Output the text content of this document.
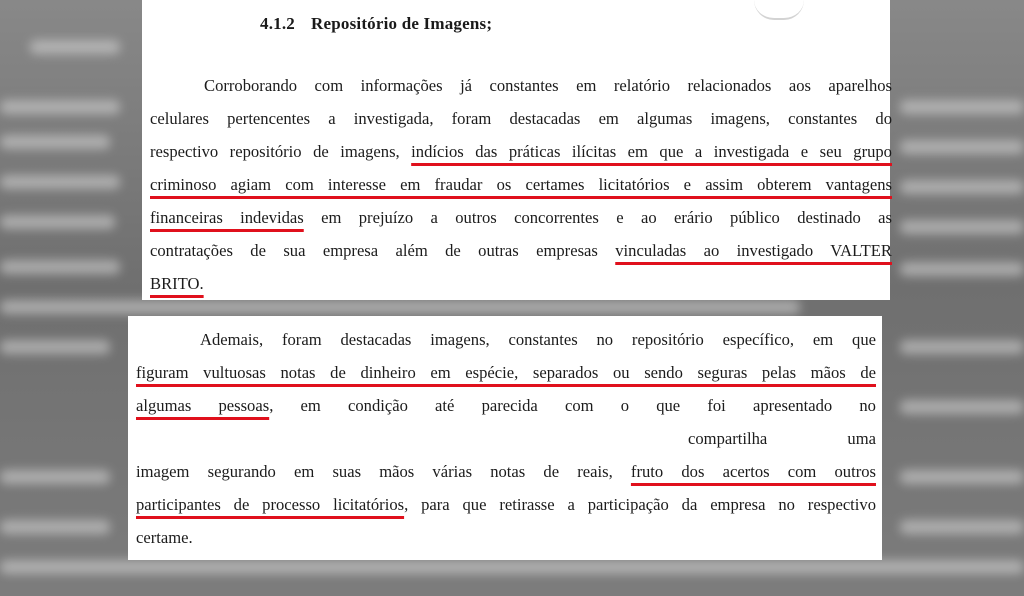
4.1.2 Repositório de Imagens;
Corroborando com informações já constantes em relatório relacionados aos aparelhos
celulares pertencentes a investigada, foram destacadas em algumas imagens, constantes do
respectivo repositório de imagens, indícios das práticas ilícitas em que a investigada e seu grupo
criminoso agiam com interesse em fraudar os certames licitatórios e assim obterem vantagens
financeiras indevidas em prejuízo a outros concorrentes e ao erário público destinado as
contratações de sua empresa além de outras empresas vinculadas ao investigado VALTER
BRITO.
Ademais, foram destacadas imagens, constantes no repositório específico, em que
figuram vultuosas notas de dinheiro em espécie, separados ou sendo seguras pelas mãos de
algumas pessoas, em condição até parecida com o que foi apresentado no
compartilha uma
imagem segurando em suas mãos várias notas de reais, fruto dos acertos com outros
participantes de processo licitatórios, para que retirasse a participação da empresa no respectivo
certame.
